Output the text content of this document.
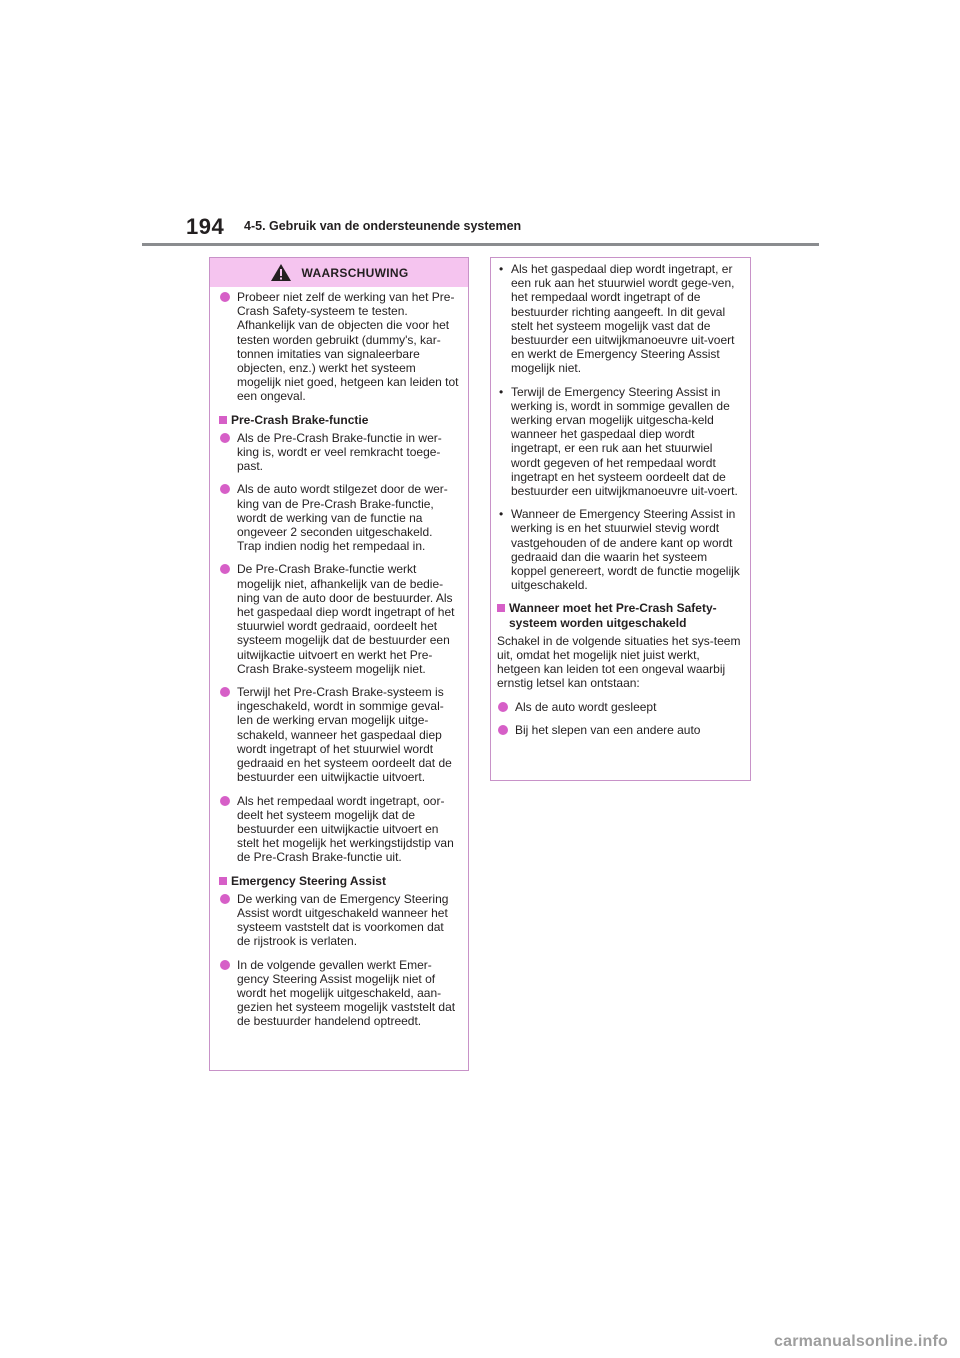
194 4-5. Gebruik van de ondersteunende systemen
WAARSCHUWING
Probeer niet zelf de werking van het Pre-Crash Safety-systeem te testen. Afhankelijk van de objecten die voor het testen worden gebruikt (dummy's, kar-tonnen imitaties van signaleerbare objecten, enz.) werkt het systeem mogelijk niet goed, hetgeen kan leiden tot een ongeval.
Pre-Crash Brake-functie
Als de Pre-Crash Brake-functie in wer-king is, wordt er veel remkracht toege-past.
Als de auto wordt stilgezet door de wer-king van de Pre-Crash Brake-functie, wordt de werking van de functie na ongeveer 2 seconden uitgeschakeld. Trap indien nodig het rempedaal in.
De Pre-Crash Brake-functie werkt mogelijk niet, afhankelijk van de bedie-ning van de auto door de bestuurder. Als het gaspedaal diep wordt ingetrapt of het stuurwiel wordt gedraaid, oordeelt het systeem mogelijk dat de bestuurder een uitwijkactie uitvoert en werkt het Pre-Crash Brake-systeem mogelijk niet.
Terwijl het Pre-Crash Brake-systeem is ingeschakeld, wordt in sommige geval-len de werking ervan mogelijk uitge-schakeld, wanneer het gaspedaal diep wordt ingetrapt of het stuurwiel wordt gedraaid en het systeem oordeelt dat de bestuurder een uitwijkactie uitvoert.
Als het rempedaal wordt ingetrapt, oor-deelt het systeem mogelijk dat de bestuurder een uitwijkactie uitvoert en stelt het mogelijk het werkingstijdstip van de Pre-Crash Brake-functie uit.
Emergency Steering Assist
De werking van de Emergency Steering Assist wordt uitgeschakeld wanneer het systeem vaststelt dat is voorkomen dat de rijstrook is verlaten.
In de volgende gevallen werkt Emer-gency Steering Assist mogelijk niet of wordt het mogelijk uitgeschakeld, aan-gezien het systeem mogelijk vaststelt dat de bestuurder handelend optreedt.
• Als het gaspedaal diep wordt ingetrapt, er een ruk aan het stuurwiel wordt gege-ven, het rempedaal wordt ingetrapt of de bestuurder richting aangeeft. In dit geval stelt het systeem mogelijk vast dat de bestuurder een uitwijkmanoeuvre uit-voert en werkt de Emergency Steering Assist mogelijk niet.
• Terwijl de Emergency Steering Assist in werking is, wordt in sommige gevallen de werking ervan mogelijk uitgescha-keld wanneer het gaspedaal diep wordt ingetrapt, er een ruk aan het stuurwiel wordt gegeven of het rempedaal wordt ingetrapt en het systeem oordeelt dat de bestuurder een uitwijkmanoeuvre uit-voert.
• Wanneer de Emergency Steering Assist in werking is en het stuurwiel stevig wordt vastgehouden of de andere kant op wordt gedraaid dan die waarin het systeem koppel genereert, wordt de functie mogelijk uitgeschakeld.
Wanneer moet het Pre-Crash Safety-systeem worden uitgeschakeld
Schakel in de volgende situaties het sys-teem uit, omdat het mogelijk niet juist werkt, hetgeen kan leiden tot een ongeval waarbij ernstig letsel kan ontstaan:
Als de auto wordt gesleept
Bij het slepen van een andere auto
carmanualsonline.info
